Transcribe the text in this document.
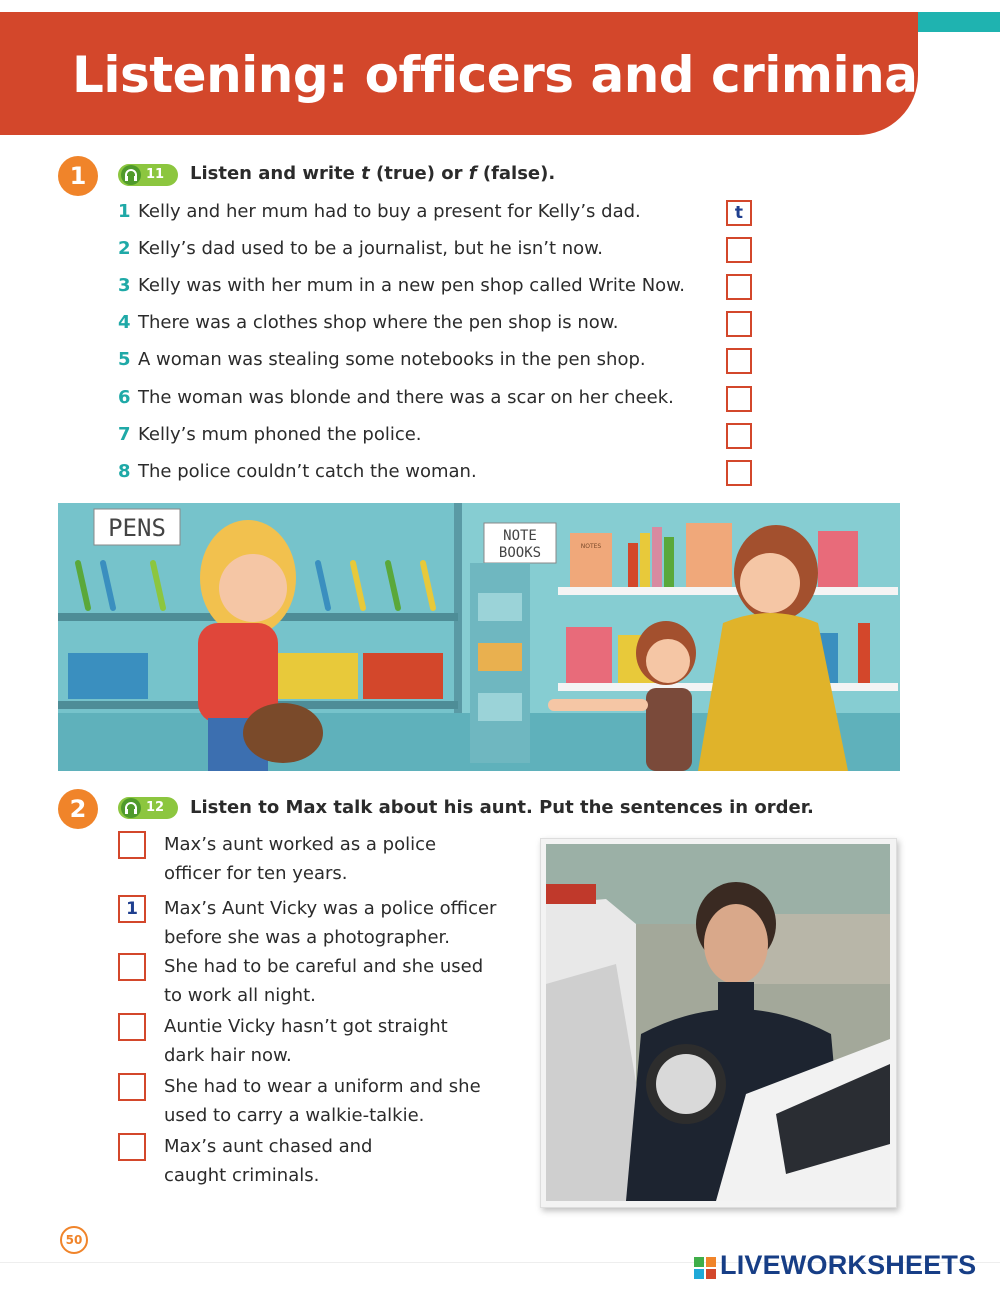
Listening: officers and criminals
1	11 Listen and write t (true) or f (false).
1 Kelly and her mum had to buy a present for Kelly’s dad.	t
2 Kelly’s dad used to be a journalist, but he isn’t now.
3 Kelly was with her mum in a new pen shop called Write Now.
4 There was a clothes shop where the pen shop is now.
5 A woman was stealing some notebooks in the pen shop.
6 The woman was blonde and there was a scar on her cheek.
7 Kelly’s mum phoned the police.
8 The police couldn’t catch the woman.
PENS	NOTE
BOOKS	NOTES
2	12 Listen to Max talk about his aunt. Put the sentences in order.
Max’s aunt worked as a police
officer for ten years.
1	Max’s Aunt Vicky was a police officer
before she was a photographer.
She had to be careful and she used
to work all night.
Auntie Vicky hasn’t got straight
dark hair now.
She had to wear a uniform and she
used to carry a walkie-talkie.
Max’s aunt chased and
caught criminals.
50
LIVEWORKSHEETS
